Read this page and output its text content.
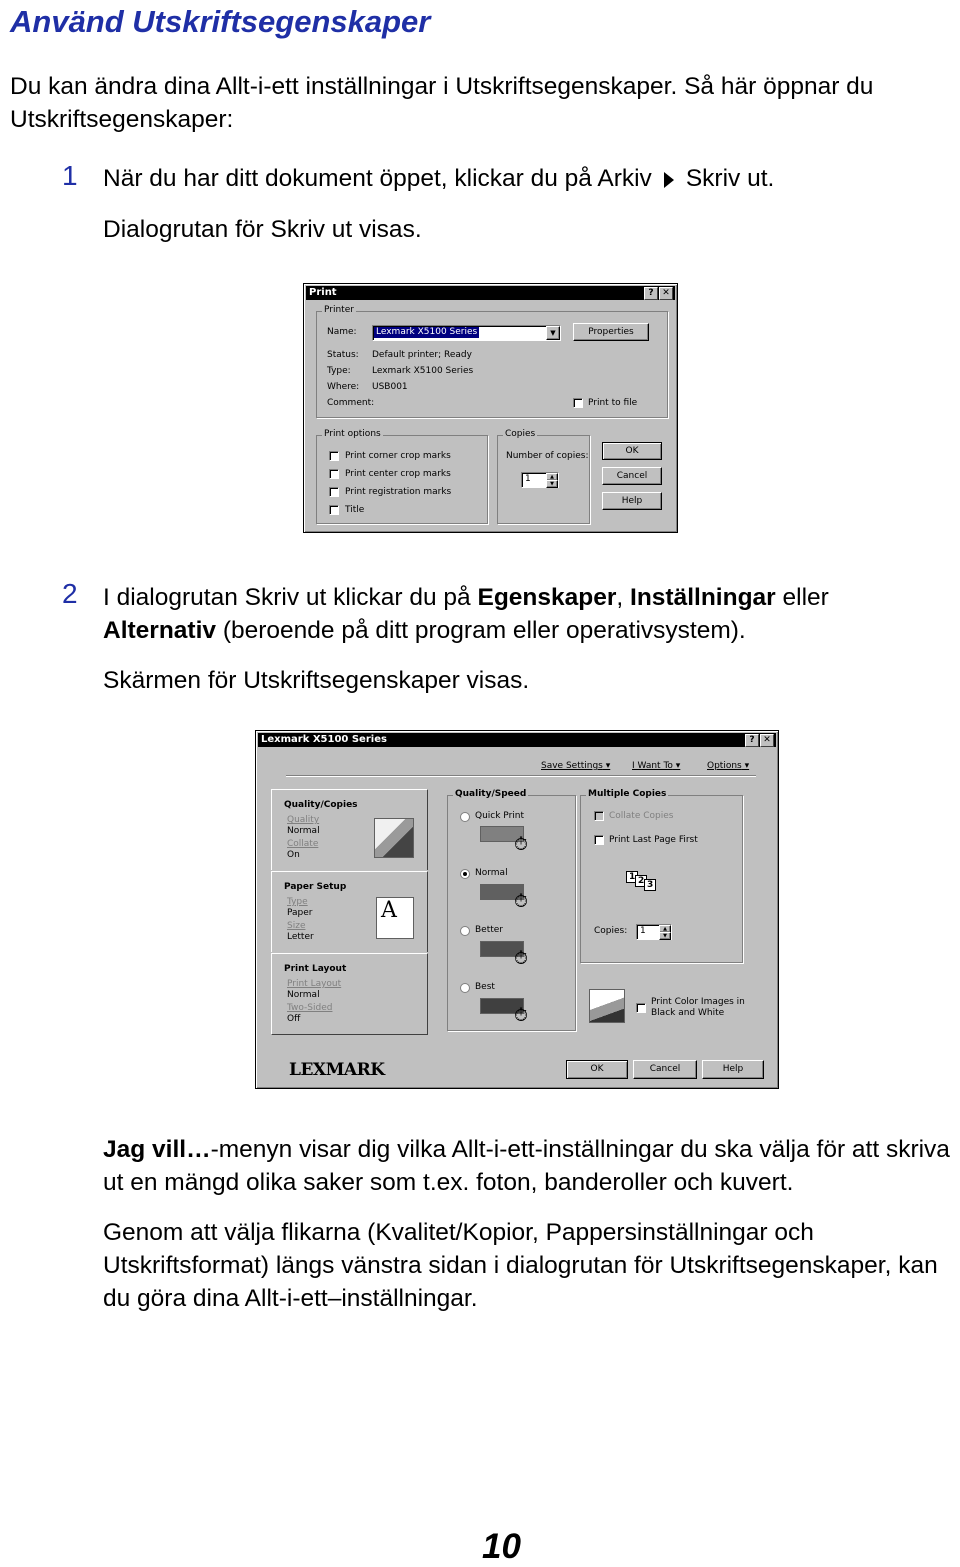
Använd Utskriftsegenskaper
Du kan ändra dina Allt-i-ett inställningar i Utskriftsegenskaper. Så här öppnar du Utskriftsegenskaper:
1 När du har ditt dokument öppet, klickar du på Arkiv Skriv ut.
Dialogrutan för Skriv ut visas.
Print	? ✕
Printer
Name: Lexmark X5100 Series	▼	Properties
Status: Default printer; Ready
Type: Lexmark X5100 Series
Where: USB001
Comment:	Print to file
Print options
Print corner crop marks
Print center crop marks
Print registration marks
Title
Copies
Number of copies:
1	▲
▼
OK
Cancel
Help
2 I dialogrutan Skriv ut klickar du på Egenskaper, Inställningar eller
Alternativ (beroende på ditt program eller operativsystem).
Skärmen för Utskriftsegenskaper visas.
Lexmark X5100 Series	? ✕
Save Settings ▾ I Want To ▾	Options ▾
Quality/Copies
Quality
Normal
Collate
On
Paper Setup
Type
Paper
Size
Letter
A
Print Layout
Print Layout
Normal
Two-Sided
Off
Quality/Speed
Quick Print
⏱
Normal
⏱
Better
⏱
Best
⏱
Multiple Copies
Collate Copies
Print Last Page First
1 2 3
Copies: 1	▲
▼
Print Color Images in
Black and White
LEXMARK	OK	Cancel	Help
Jag vill…-menyn visar dig vilka Allt-i-ett-inställningar du ska välja för att skriva ut en mängd olika saker som t.ex. foton, banderoller och kuvert.
Genom att välja flikarna (Kvalitet/Kopior, Pappersinställningar och Utskriftsformat) längs vänstra sidan i dialogrutan för Utskriftsegenskaper, kan du göra dina Allt-i-ett–inställningar.
10
